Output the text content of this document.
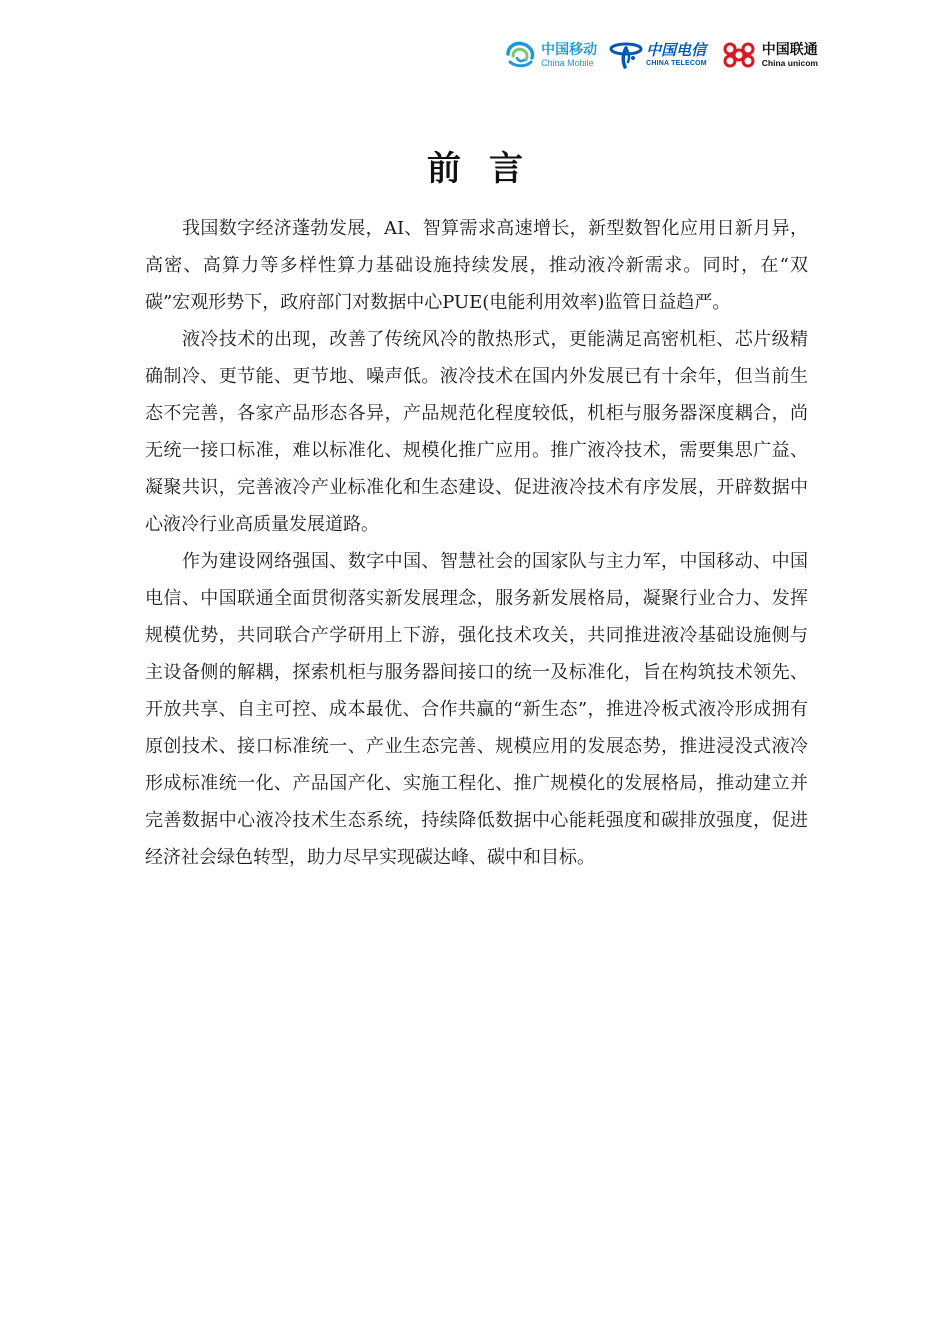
中国移动
China Mobile
中国电信
CHINA TELECOM
中国联通
China unicom
前言

我国数字经济蓬勃发展，AI、智算需求高速增长，新型数智化应用日新月异，高密、高算力等多样性算力基础设施持续发展，推动液冷新需求。同时，在“双碳”宏观形势下，政府部门对数据中心PUE(电能利用效率)监管日益趋严。

液冷技术的出现，改善了传统风冷的散热形式，更能满足高密机柜、芯片级精确制冷、更节能、更节地、噪声低。液冷技术在国内外发展已有十余年，但当前生态不完善，各家产品形态各异，产品规范化程度较低，机柜与服务器深度耦合，尚无统一接口标准，难以标准化、规模化推广应用。推广液冷技术，需要集思广益、凝聚共识，完善液冷产业标准化和生态建设、促进液冷技术有序发展，开辟数据中心液冷行业高质量发展道路。

作为建设网络强国、数字中国、智慧社会的国家队与主力军，中国移动、中国电信、中国联通全面贯彻落实新发展理念，服务新发展格局，凝聚行业合力、发挥规模优势，共同联合产学研用上下游，强化技术攻关，共同推进液冷基础设施侧与主设备侧的解耦，探索机柜与服务器间接口的统一及标准化，旨在构筑技术领先、开放共享、自主可控、成本最优、合作共赢的“新生态”，推进冷板式液冷形成拥有原创技术、接口标准统一、产业生态完善、规模应用的发展态势，推进浸没式液冷形成标准统一化、产品国产化、实施工程化、推广规模化的发展格局，推动建立并完善数据中心液冷技术生态系统，持续降低数据中心能耗强度和碳排放强度，促进经济社会绿色转型，助力尽早实现碳达峰、碳中和目标。
